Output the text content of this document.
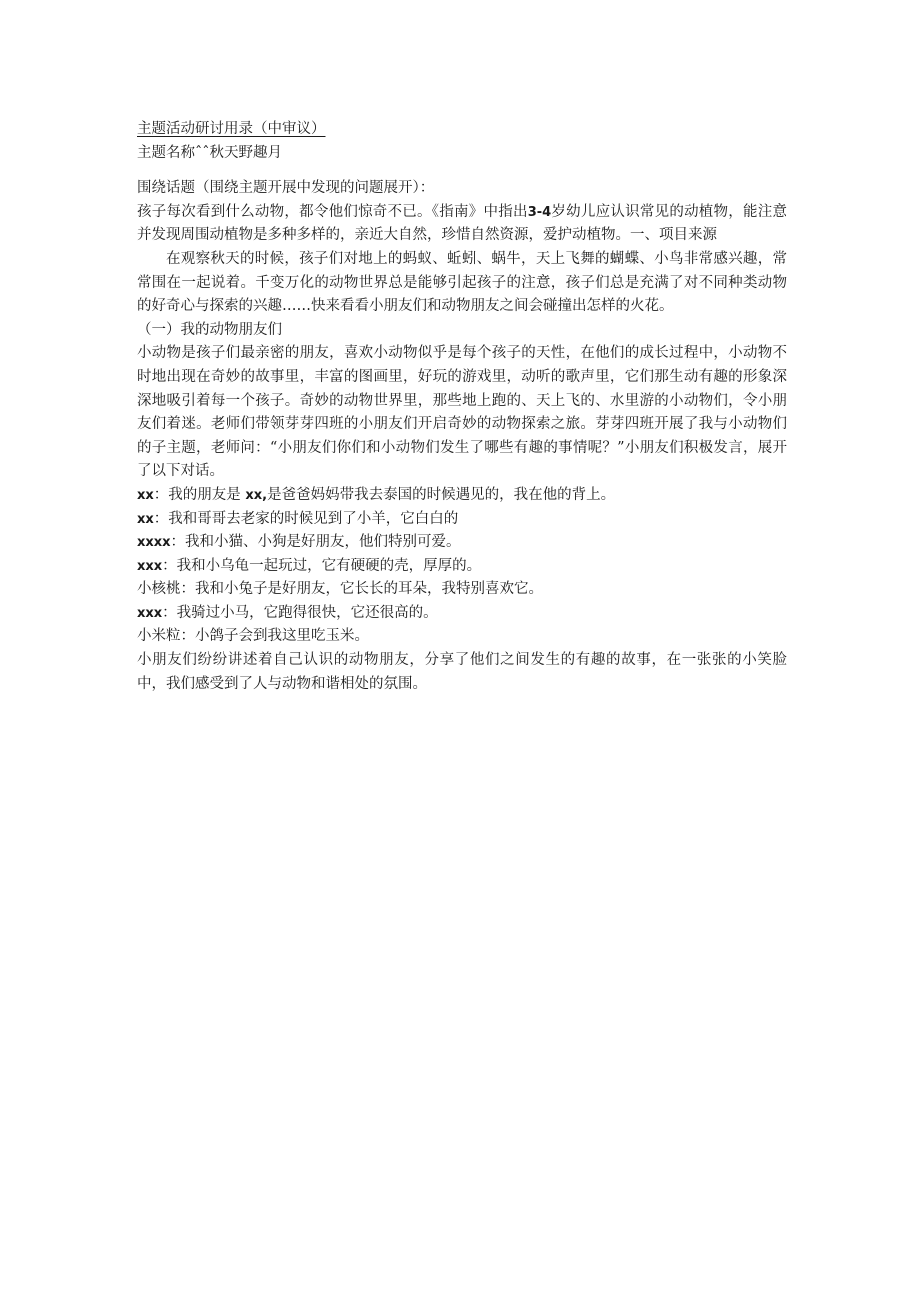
主题活动研讨用录（中审议）
主题名称ˆˆ秋天野趣月
围绕话题（围绕主题开展中发现的问题展开）：

孩子每次看到什么动物，都令他们惊奇不已。《指南》中指出3-4岁幼儿应认识常见的动植物，能注意并发现周围动植物是多种多样的，亲近大自然，珍惜自然资源，爱护动植物。一、项目来源

在观察秋天的时候，孩子们对地上的蚂蚁、蚯蚓、蜗牛，天上飞舞的蝴蝶、小鸟非常感兴趣，常常围在一起说着。千变万化的动物世界总是能够引起孩子的注意，孩子们总是充满了对不同种类动物的好奇心与探索的兴趣……快来看看小朋友们和动物朋友之间会碰撞出怎样的火花。

（一）我的动物朋友们

小动物是孩子们最亲密的朋友，喜欢小动物似乎是每个孩子的天性，在他们的成长过程中，小动物不时地出现在奇妙的故事里，丰富的图画里，好玩的游戏里，动听的歌声里，它们那生动有趣的形象深深地吸引着每一个孩子。奇妙的动物世界里，那些地上跑的、天上飞的、水里游的小动物们，令小朋友们着迷。老师们带领芽芽四班的小朋友们开启奇妙的动物探索之旅。芽芽四班开展了我与小动物们的子主题，老师问：“小朋友们你们和小动物们发生了哪些有趣的事情呢？”小朋友们积极发言，展开了以下对话。

xx：我的朋友是 xx,是爸爸妈妈带我去泰国的时候遇见的，我在他的背上。
xx：我和哥哥去老家的时候见到了小羊，它白白的
xxxx：我和小猫、小狗是好朋友，他们特别可爱。
xxx：我和小乌龟一起玩过，它有硬硬的壳，厚厚的。
小核桃：我和小兔子是好朋友，它长长的耳朵，我特别喜欢它。
xxx：我骑过小马，它跑得很快，它还很高的。
小米粒：小鸽子会到我这里吃玉米。

小朋友们纷纷讲述着自己认识的动物朋友，分享了他们之间发生的有趣的故事，在一张张的小笑脸中，我们感受到了人与动物和谐相处的氛围。
